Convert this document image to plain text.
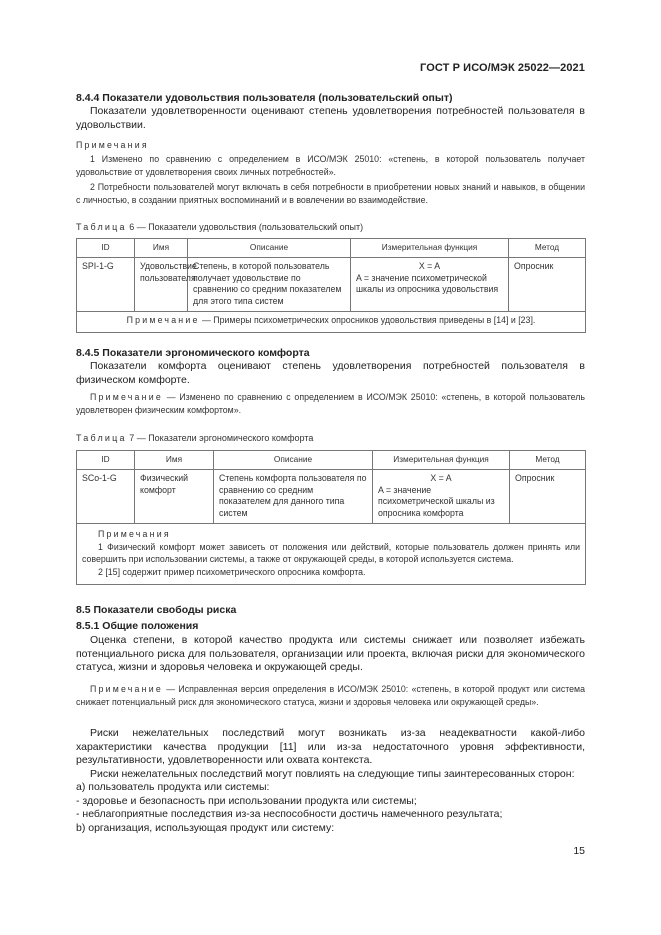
ГОСТ Р ИСО/МЭК 25022—2021
8.4.4 Показатели удовольствия пользователя (пользовательский опыт)
Показатели удовлетворенности оценивают степень удовлетворения потребностей пользователя в удовольствии.
Примечания
1 Изменено по сравнению с определением в ИСО/МЭК 25010: «степень, в которой пользователь получает удовольствие от удовлетворения своих личных потребностей».
2 Потребности пользователей могут включать в себя потребности в приобретении новых знаний и навыков, в общении с личностью, в создании приятных воспоминаний и в вовлечении во взаимодействие.
Таблица 6 — Показатели удовольствия (пользовательский опыт)
ID	Имя	Описание	Измерительная функция	Метод
SPI-1-G	Удовольствие пользователя	Степень, в которой пользователь получает удовольствие по сравнению со средним показателем для этого типа систем	X = A
A = значение психометрической шкалы из опросника удовольствия	Опросник
Примечание — Примеры психометрических опросников удовольствия приведены в [14] и [23].				
8.4.5 Показатели эргономического комфорта
Показатели комфорта оценивают степень удовлетворения потребностей пользователя в физическом комфорте.
Примечание — Изменено по сравнению с определением в ИСО/МЭК 25010: «степень, в которой пользователь удовлетворен физическим комфортом».
Таблица 7 — Показатели эргономического комфорта
ID	Имя	Описание	Измерительная функция	Метод
SCo-1-G	Физический комфорт	Степень комфорта пользователя по сравнению со средним показателем для данного типа систем	X = A
A = значение психометрической шкалы из опросника комфорта	Опросник

Примечания
1 Физический комфорт может зависеть от положения или действий, которые пользователь должен принять или совершить при использовании системы, а также от окружающей среды, в которой используется система.
2 [15] содержит пример психометрического опросника комфорта.				
8.5 Показатели свободы риска
8.5.1 Общие положения
Оценка степени, в которой качество продукта или системы снижает или позволяет избежать потенциального риска для пользователя, организации или проекта, включая риски для экономического статуса, жизни и здоровья человека и окружающей среды.
Примечание — Исправленная версия определения в ИСО/МЭК 25010: «степень, в которой продукт или система снижает потенциальный риск для экономического статуса, жизни и здоровья человека или окружающей среды».
Риски нежелательных последствий могут возникать из-за неадекватности какой-либо характеристики качества продукции [11] или из-за недостаточного уровня эффективности, результативности, удовлетворенности или охвата контекста.
Риски нежелательных последствий могут повлиять на следующие типы заинтересованных сторон:
a) пользователь продукта или системы:
- здоровье и безопасность при использовании продукта или системы;
- неблагоприятные последствия из-за неспособности достичь намеченного результата;
b) организация, использующая продукт или систему:
15
